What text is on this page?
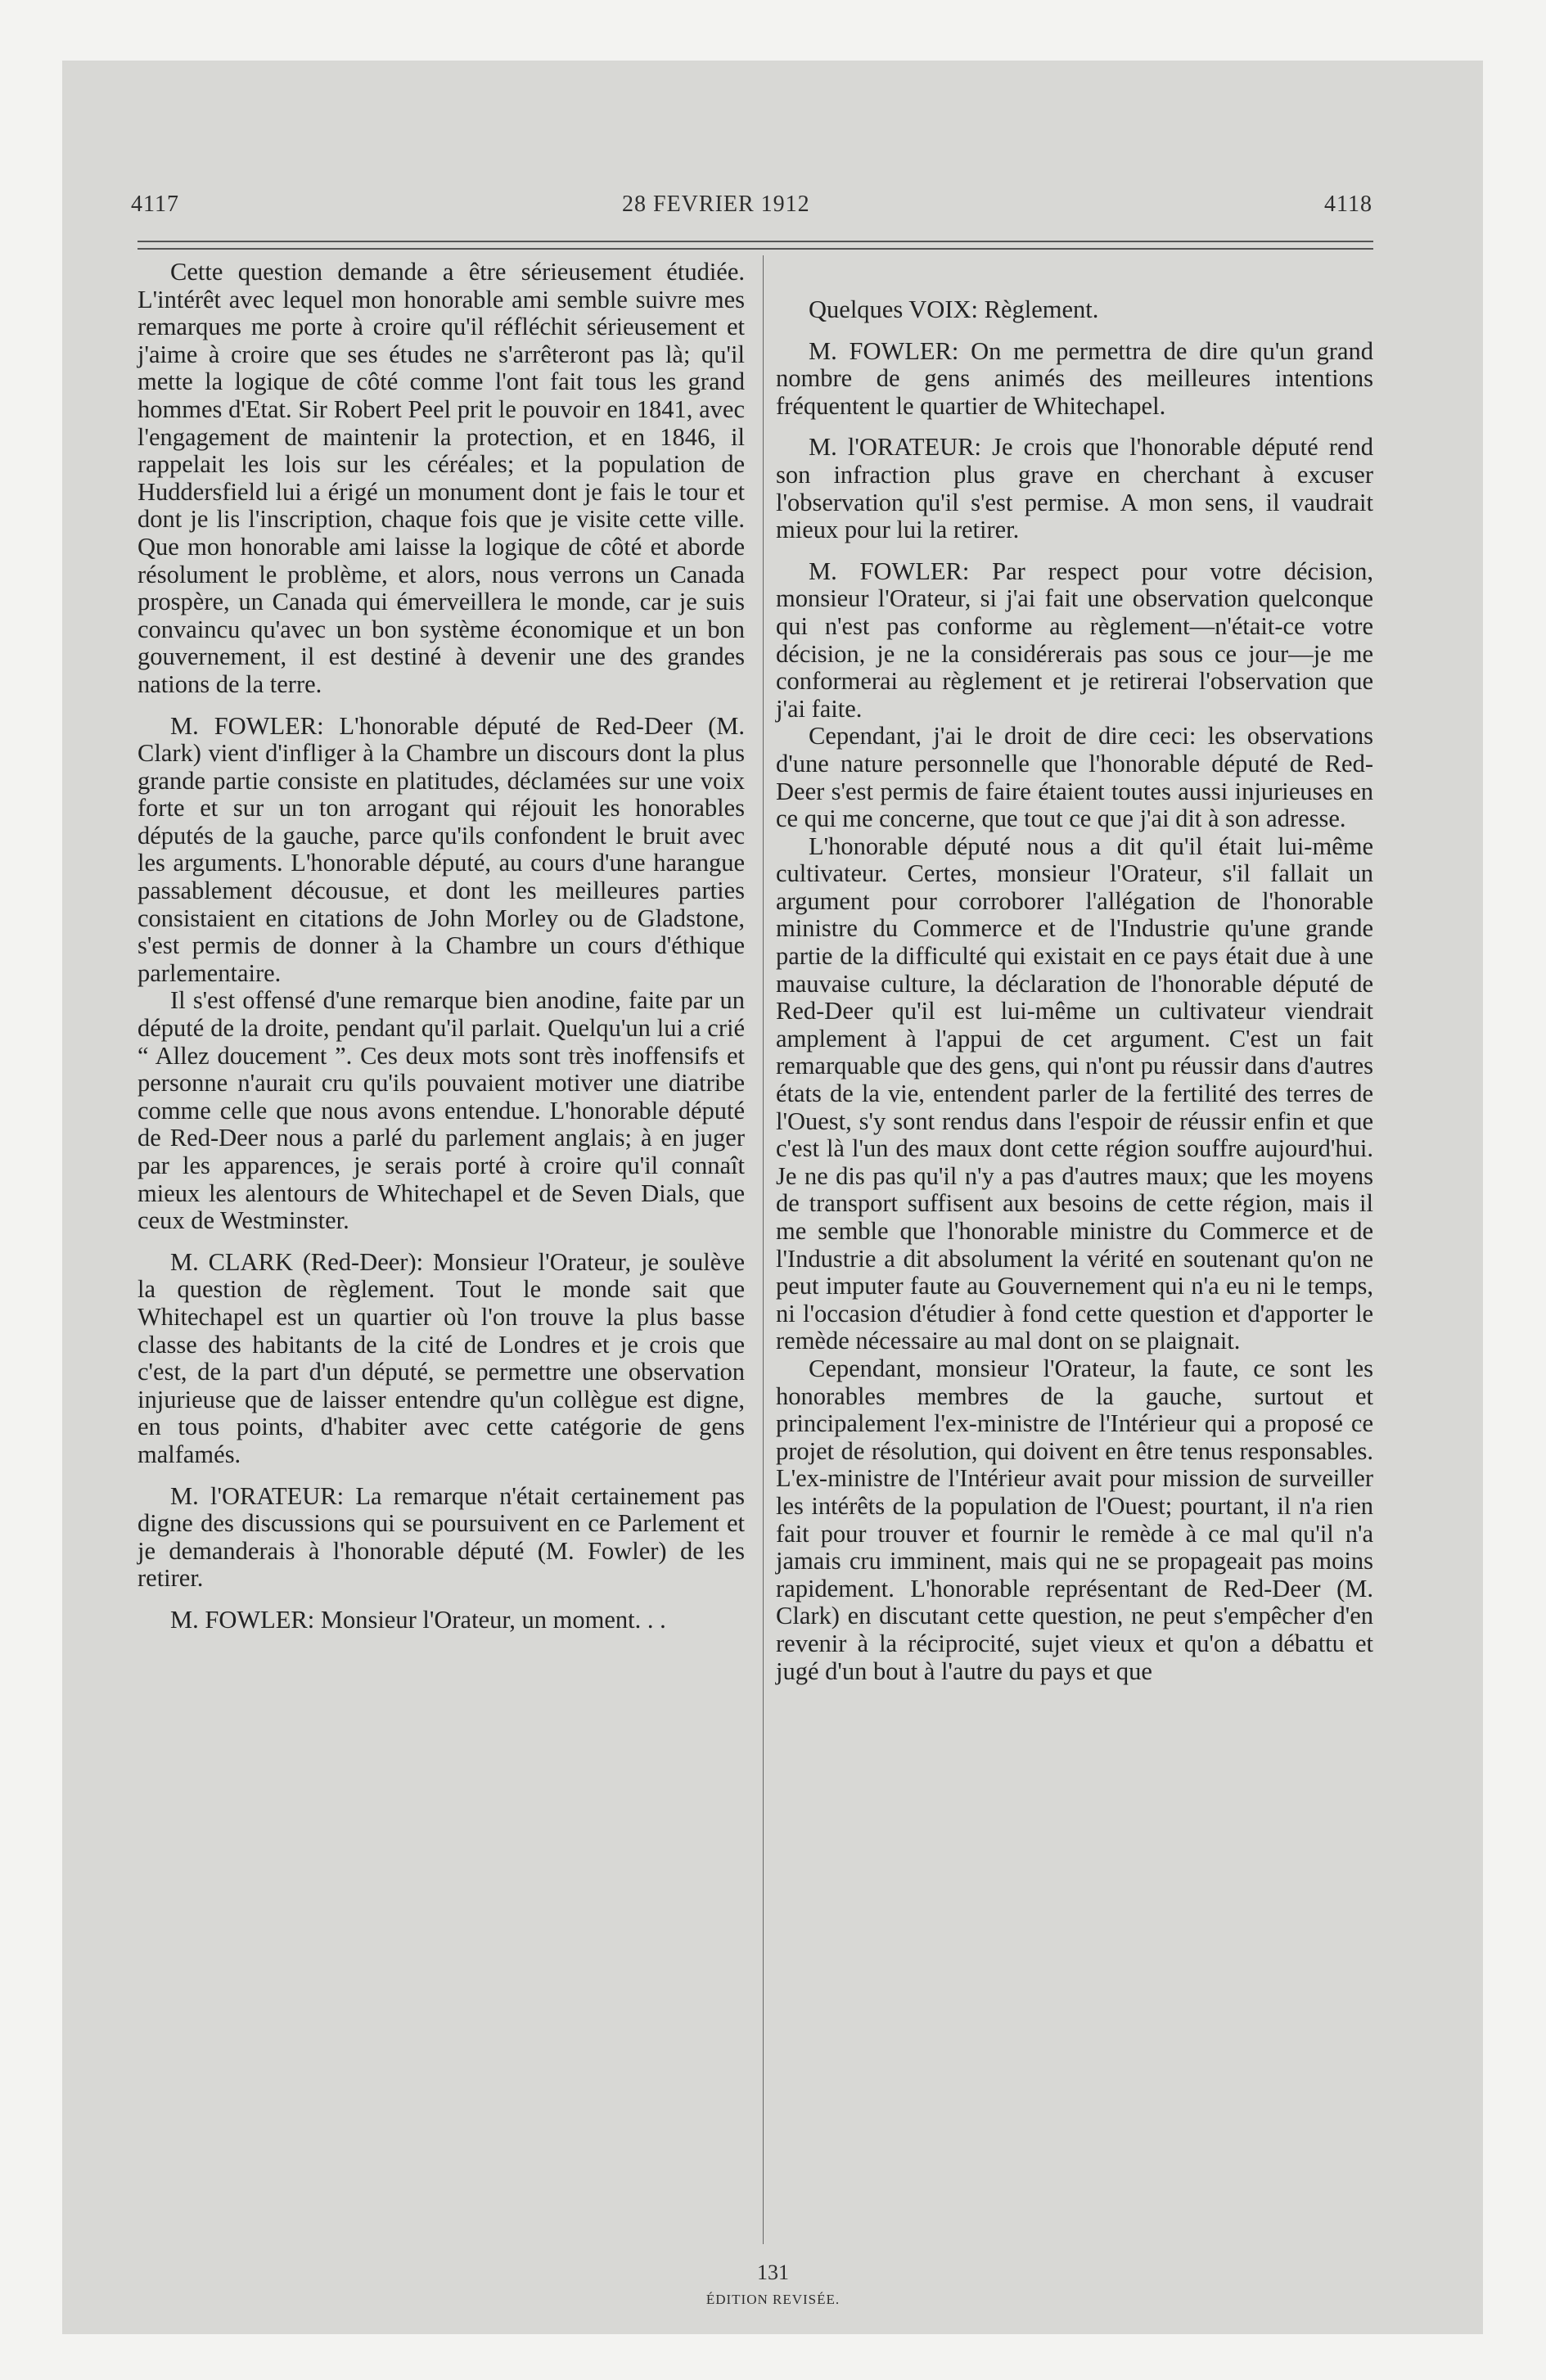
4117	28 FEVRIER 1912	4118

Cette question demande a être sérieusement étudiée. L'intérêt avec lequel mon honorable ami semble suivre mes remarques me porte à croire qu'il réfléchit sérieusement et j'aime à croire que ses études ne s'arrêteront pas là; qu'il mette la logique de côté comme l'ont fait tous les grand hommes d'Etat. Sir Robert Peel prit le pouvoir en 1841, avec l'engagement de maintenir la protection, et en 1846, il rappelait les lois sur les céréales; et la population de Huddersfield lui a érigé un monument dont je fais le tour et dont je lis l'inscription, chaque fois que je visite cette ville. Que mon honorable ami laisse la logique de côté et aborde résolument le problème, et alors, nous verrons un Canada prospère, un Canada qui émerveillera le monde, car je suis convaincu qu'avec un bon système économique et un bon gouvernement, il est destiné à devenir une des grandes nations de la terre.

M. FOWLER: L'honorable député de Red-Deer (M. Clark) vient d'infliger à la Chambre un discours dont la plus grande partie consiste en platitudes, déclamées sur une voix forte et sur un ton arrogant qui réjouit les honorables députés de la gauche, parce qu'ils confondent le bruit avec les arguments. L'honorable député, au cours d'une harangue passablement décousue, et dont les meilleures parties consistaient en citations de John Morley ou de Gladstone, s'est permis de donner à la Chambre un cours d'éthique parlementaire.

Il s'est offensé d'une remarque bien anodine, faite par un député de la droite, pendant qu'il parlait. Quelqu'un lui a crié “ Allez doucement ”. Ces deux mots sont très inoffensifs et personne n'aurait cru qu'ils pouvaient motiver une diatribe comme celle que nous avons entendue. L'honorable député de Red-Deer nous a parlé du parlement anglais; à en juger par les apparences, je serais porté à croire qu'il connaît mieux les alentours de Whitechapel et de Seven Dials, que ceux de Westminster.

M. CLARK (Red-Deer): Monsieur l'Orateur, je soulève la question de règlement. Tout le monde sait que Whitechapel est un quartier où l'on trouve la plus basse classe des habitants de la cité de Londres et je crois que c'est, de la part d'un député, se permettre une observation injurieuse que de laisser entendre qu'un collègue est digne, en tous points, d'habiter avec cette catégorie de gens malfamés.

M. l'ORATEUR: La remarque n'était certainement pas digne des discussions qui se poursuivent en ce Parlement et je demanderais à l'honorable député (M. Fowler) de les retirer.

M. FOWLER: Monsieur l'Orateur, un moment. . .

Quelques VOIX: Règlement.

M. FOWLER: On me permettra de dire qu'un grand nombre de gens animés des meilleures intentions fréquentent le quartier de Whitechapel.

M. l'ORATEUR: Je crois que l'honorable député rend son infraction plus grave en cherchant à excuser l'observation qu'il s'est permise. A mon sens, il vaudrait mieux pour lui la retirer.

M. FOWLER: Par respect pour votre décision, monsieur l'Orateur, si j'ai fait une observation quelconque qui n'est pas conforme au règlement—n'était-ce votre décision, je ne la considérerais pas sous ce jour—je me conformerai au règlement et je retirerai l'observation que j'ai faite.

Cependant, j'ai le droit de dire ceci: les observations d'une nature personnelle que l'honorable député de Red-Deer s'est permis de faire étaient toutes aussi injurieuses en ce qui me concerne, que tout ce que j'ai dit à son adresse.

L'honorable député nous a dit qu'il était lui-même cultivateur. Certes, monsieur l'Orateur, s'il fallait un argument pour corroborer l'allégation de l'honorable ministre du Commerce et de l'Industrie qu'une grande partie de la difficulté qui existait en ce pays était due à une mauvaise culture, la déclaration de l'honorable député de Red-Deer qu'il est lui-même un cultivateur viendrait amplement à l'appui de cet argument. C'est un fait remarquable que des gens, qui n'ont pu réussir dans d'autres états de la vie, entendent parler de la fertilité des terres de l'Ouest, s'y sont rendus dans l'espoir de réussir enfin et que c'est là l'un des maux dont cette région souffre aujourd'hui. Je ne dis pas qu'il n'y a pas d'autres maux; que les moyens de transport suffisent aux besoins de cette région, mais il me semble que l'honorable ministre du Commerce et de l'Industrie a dit absolument la vérité en soutenant qu'on ne peut imputer faute au Gouvernement qui n'a eu ni le temps, ni l'occasion d'étudier à fond cette question et d'apporter le remède nécessaire au mal dont on se plaignait.

Cependant, monsieur l'Orateur, la faute, ce sont les honorables membres de la gauche, surtout et principalement l'ex-ministre de l'Intérieur qui a proposé ce projet de résolution, qui doivent en être tenus responsables. L'ex-ministre de l'Intérieur avait pour mission de surveiller les intérêts de la population de l'Ouest; pourtant, il n'a rien fait pour trouver et fournir le remède à ce mal qu'il n'a jamais cru imminent, mais qui ne se propageait pas moins rapidement. L'honorable représentant de Red-Deer (M. Clark) en discutant cette question, ne peut s'empêcher d'en revenir à la réciprocité, sujet vieux et qu'on a débattu et jugé d'un bout à l'autre du pays et que

131
ÉDITION REVISÉE.
